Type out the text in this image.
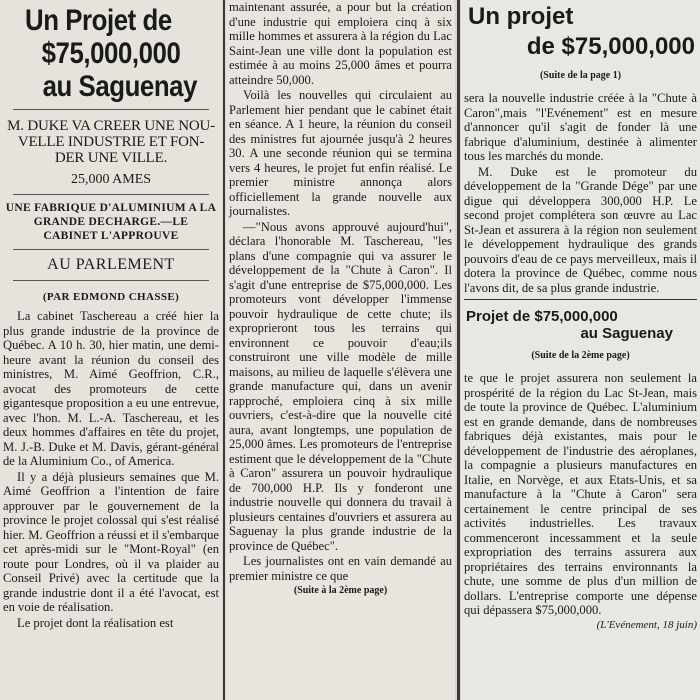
Un Projet de
$75,000,000
au Saguenay
M. DUKE VA CREER UNE NOU-VELLE INDUSTRIE ET FON-DER UNE VILLE.
25,000 AMES
UNE FABRIQUE D'ALUMINIUM A LA GRANDE DECHARGE.—LE CABINET L'APPROUVE
AU PARLEMENT
(PAR EDMOND CHASSE)

La cabinet Taschereau a créé hier la plus grande industrie de la province de Québec. A 10 h. 30, hier matin, une demi-heure avant la réunion du conseil des ministres, M. Aimé Geoffrion, C.R., avocat des promoteurs de cette gigantesque proposition a eu une entrevue, avec l'hon. M. L.-A. Taschereau, et les deux hommes d'affaires en tête du projet, M. J.-B. Duke et M. Davis, gérant-général de la Aluminium Co., of America.

Il y a déjà plusieurs semaines que M. Aimé Geoffrion a l'intention de faire approuver par le gouvernement de la province le projet colossal qui s'est réalisé hier. M. Geoffrion a réussi et il s'embarque cet après-midi sur le "Mont-Royal" (en route pour Londres, où il va plaider au Conseil Privé) avec la certitude que la grande industrie dont il a été l'avocat, est en voie de réalisation.

Le projet dont la réalisation est

maintenant assurée, a pour but la création d'une industrie qui emploiera cinq à six mille hommes et assurera à la région du Lac Saint-Jean une ville dont la population est estimée à au moins 25,000 âmes et pourra atteindre 50,000.

Voilà les nouvelles qui circulaient au Parlement hier pendant que le cabinet était en séance. A 1 heure, la réunion du conseil des ministres fut ajournée jusqu'à 2 heures 30. A une seconde réunion qui se termina vers 4 heures, le projet fut enfin réalisé. Le premier ministre annonça alors officiellement la grande nouvelle aux journalistes.

—"Nous avons approuvé aujourd'hui", déclara l'honorable M. Taschereau, "les plans d'une compagnie qui va assurer le développement de la "Chute à Caron". Il s'agit d'une entreprise de $75,000,000. Les promoteurs vont développer l'immense pouvoir hydraulique de cette chute; ils exproprieront tous les terrains qui environnent ce pouvoir d'eau;ils construiront une ville modèle de mille maisons, au milieu de laquelle s'élèvera une grande manufacture qui, dans un avenir rapproché, emploiera cinq à six mille ouvriers, c'est-à-dire que la nouvelle cité aura, avant longtemps, une population de 25,000 âmes. Les promoteurs de l'entreprise estiment que le développement de la "Chute à Caron" assurera un pouvoir hydraulique de 700,000 H.P. Ils y fonderont une industrie nouvelle qui donnera du travail à plusieurs centaines d'ouvriers et assurera au Saguenay la plus grande industrie de la province de Québec".

Les journalistes ont en vain demandé au premier ministre ce que

(Suite à la 2ème page)
Un projet
de $75,000,000
(Suite de la page 1)

sera la nouvelle industrie créée à la "Chute à Caron",mais "l'Evénement" est en mesure d'annoncer qu'il s'agit de fonder là une fabrique d'aluminium, destinée à alimenter tous les marchés du monde.

M. Duke est le promoteur du développement de la "Grande Dége" par une digue qui développera 300,000 H.P. Le second projet complétera son œuvre au Lac St-Jean et assurera à la région non seulement le développement hydraulique des grands pouvoirs d'eau de ce pays merveilleux, mais il dotera la province de Québec, comme nous l'avons dit, de sa plus grande industrie.

Projet de $75,000,000
au Saguenay
(Suite de la 2ème page)

te que le projet assurera non seulement la prospérité de la région du Lac St-Jean, mais de toute la province de Québec. L'aluminium est en grande demande, dans de nombreuses fabriques déjà existantes, mais pour le développement de l'industrie des aéroplanes, la compagnie a plusieurs manufactures en Italie, en Norvège, et aux Etats-Unis, et sa manufacture à la "Chute à Caron" sera certainement le centre principal de ses activités industrielles. Les travaux commenceront incessamment et la seule expropriation des terrains assurera aux propriétaires des terrains environnants la chute, une somme de plus d'un million de dollars. L'entreprise comporte une dépense qui dépassera $75,000,000.

(L'Evénement, 18 juin)
